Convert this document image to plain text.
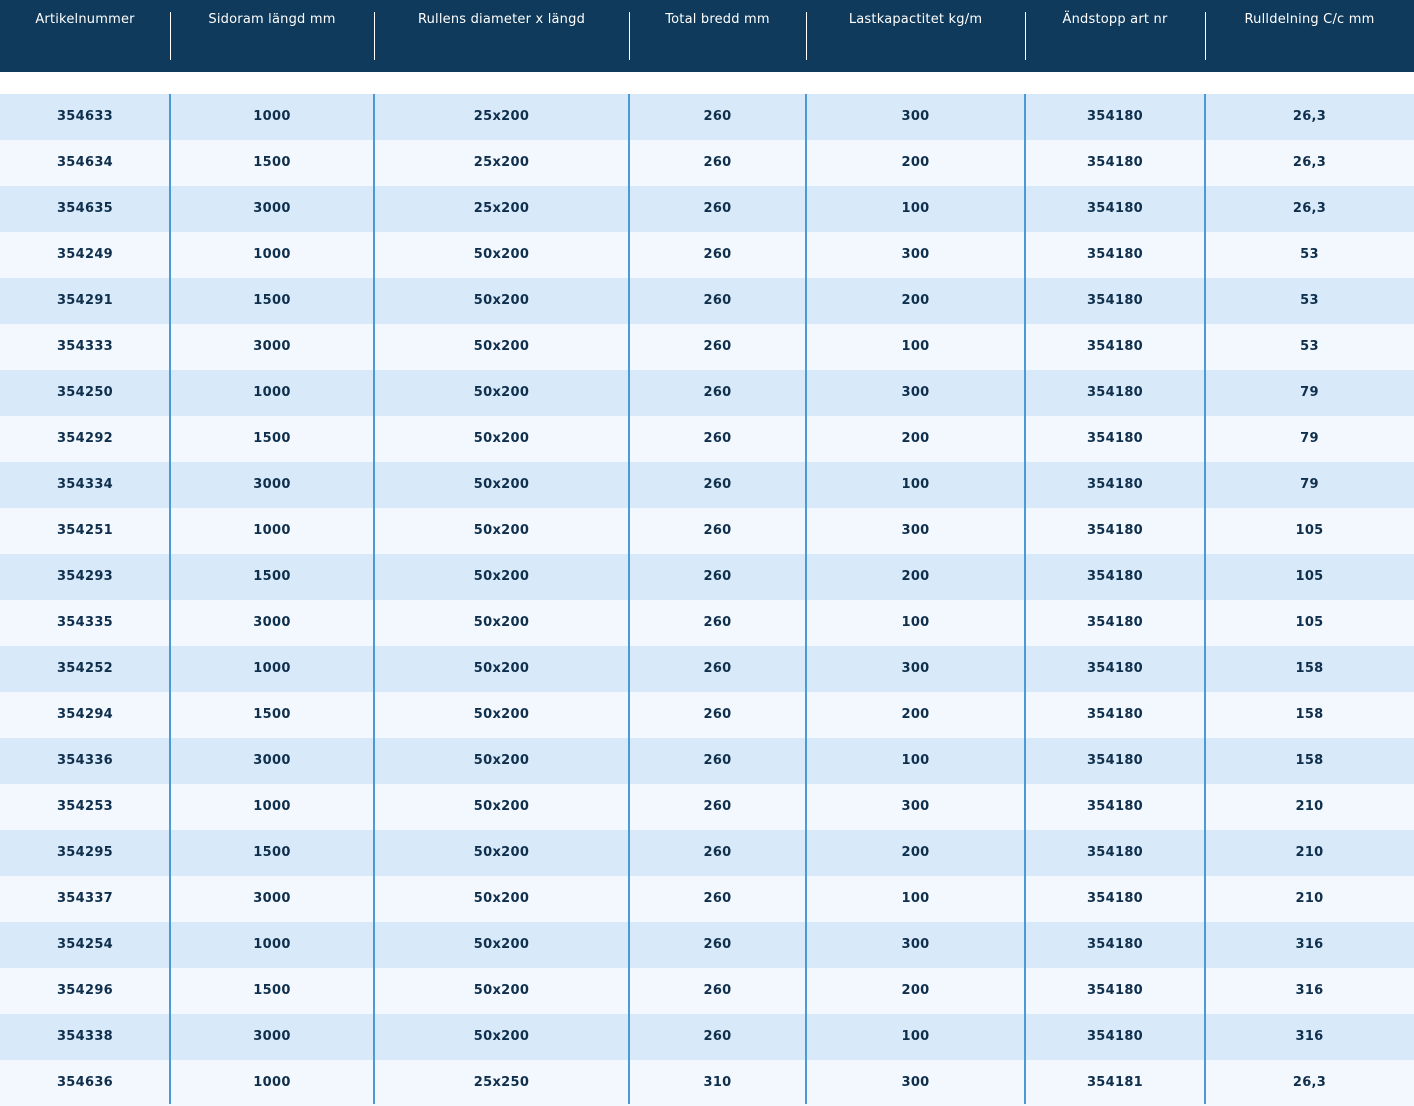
Artikelnummer	Sidoram längd mm	Rullens diameter x längd	Total bredd mm	Lastkapactitet kg/m	Ändstopp art nr	Rulldelning C/c mm
354633	1000	25x200	260	300	354180	26,3
354634	1500	25x200	260	200	354180	26,3
354635	3000	25x200	260	100	354180	26,3
354249	1000	50x200	260	300	354180	53
354291	1500	50x200	260	200	354180	53
354333	3000	50x200	260	100	354180	53
354250	1000	50x200	260	300	354180	79
354292	1500	50x200	260	200	354180	79
354334	3000	50x200	260	100	354180	79
354251	1000	50x200	260	300	354180	105
354293	1500	50x200	260	200	354180	105
354335	3000	50x200	260	100	354180	105
354252	1000	50x200	260	300	354180	158
354294	1500	50x200	260	200	354180	158
354336	3000	50x200	260	100	354180	158
354253	1000	50x200	260	300	354180	210
354295	1500	50x200	260	200	354180	210
354337	3000	50x200	260	100	354180	210
354254	1000	50x200	260	300	354180	316
354296	1500	50x200	260	200	354180	316
354338	3000	50x200	260	100	354180	316
354636	1000	25x250	310	300	354181	26,3
